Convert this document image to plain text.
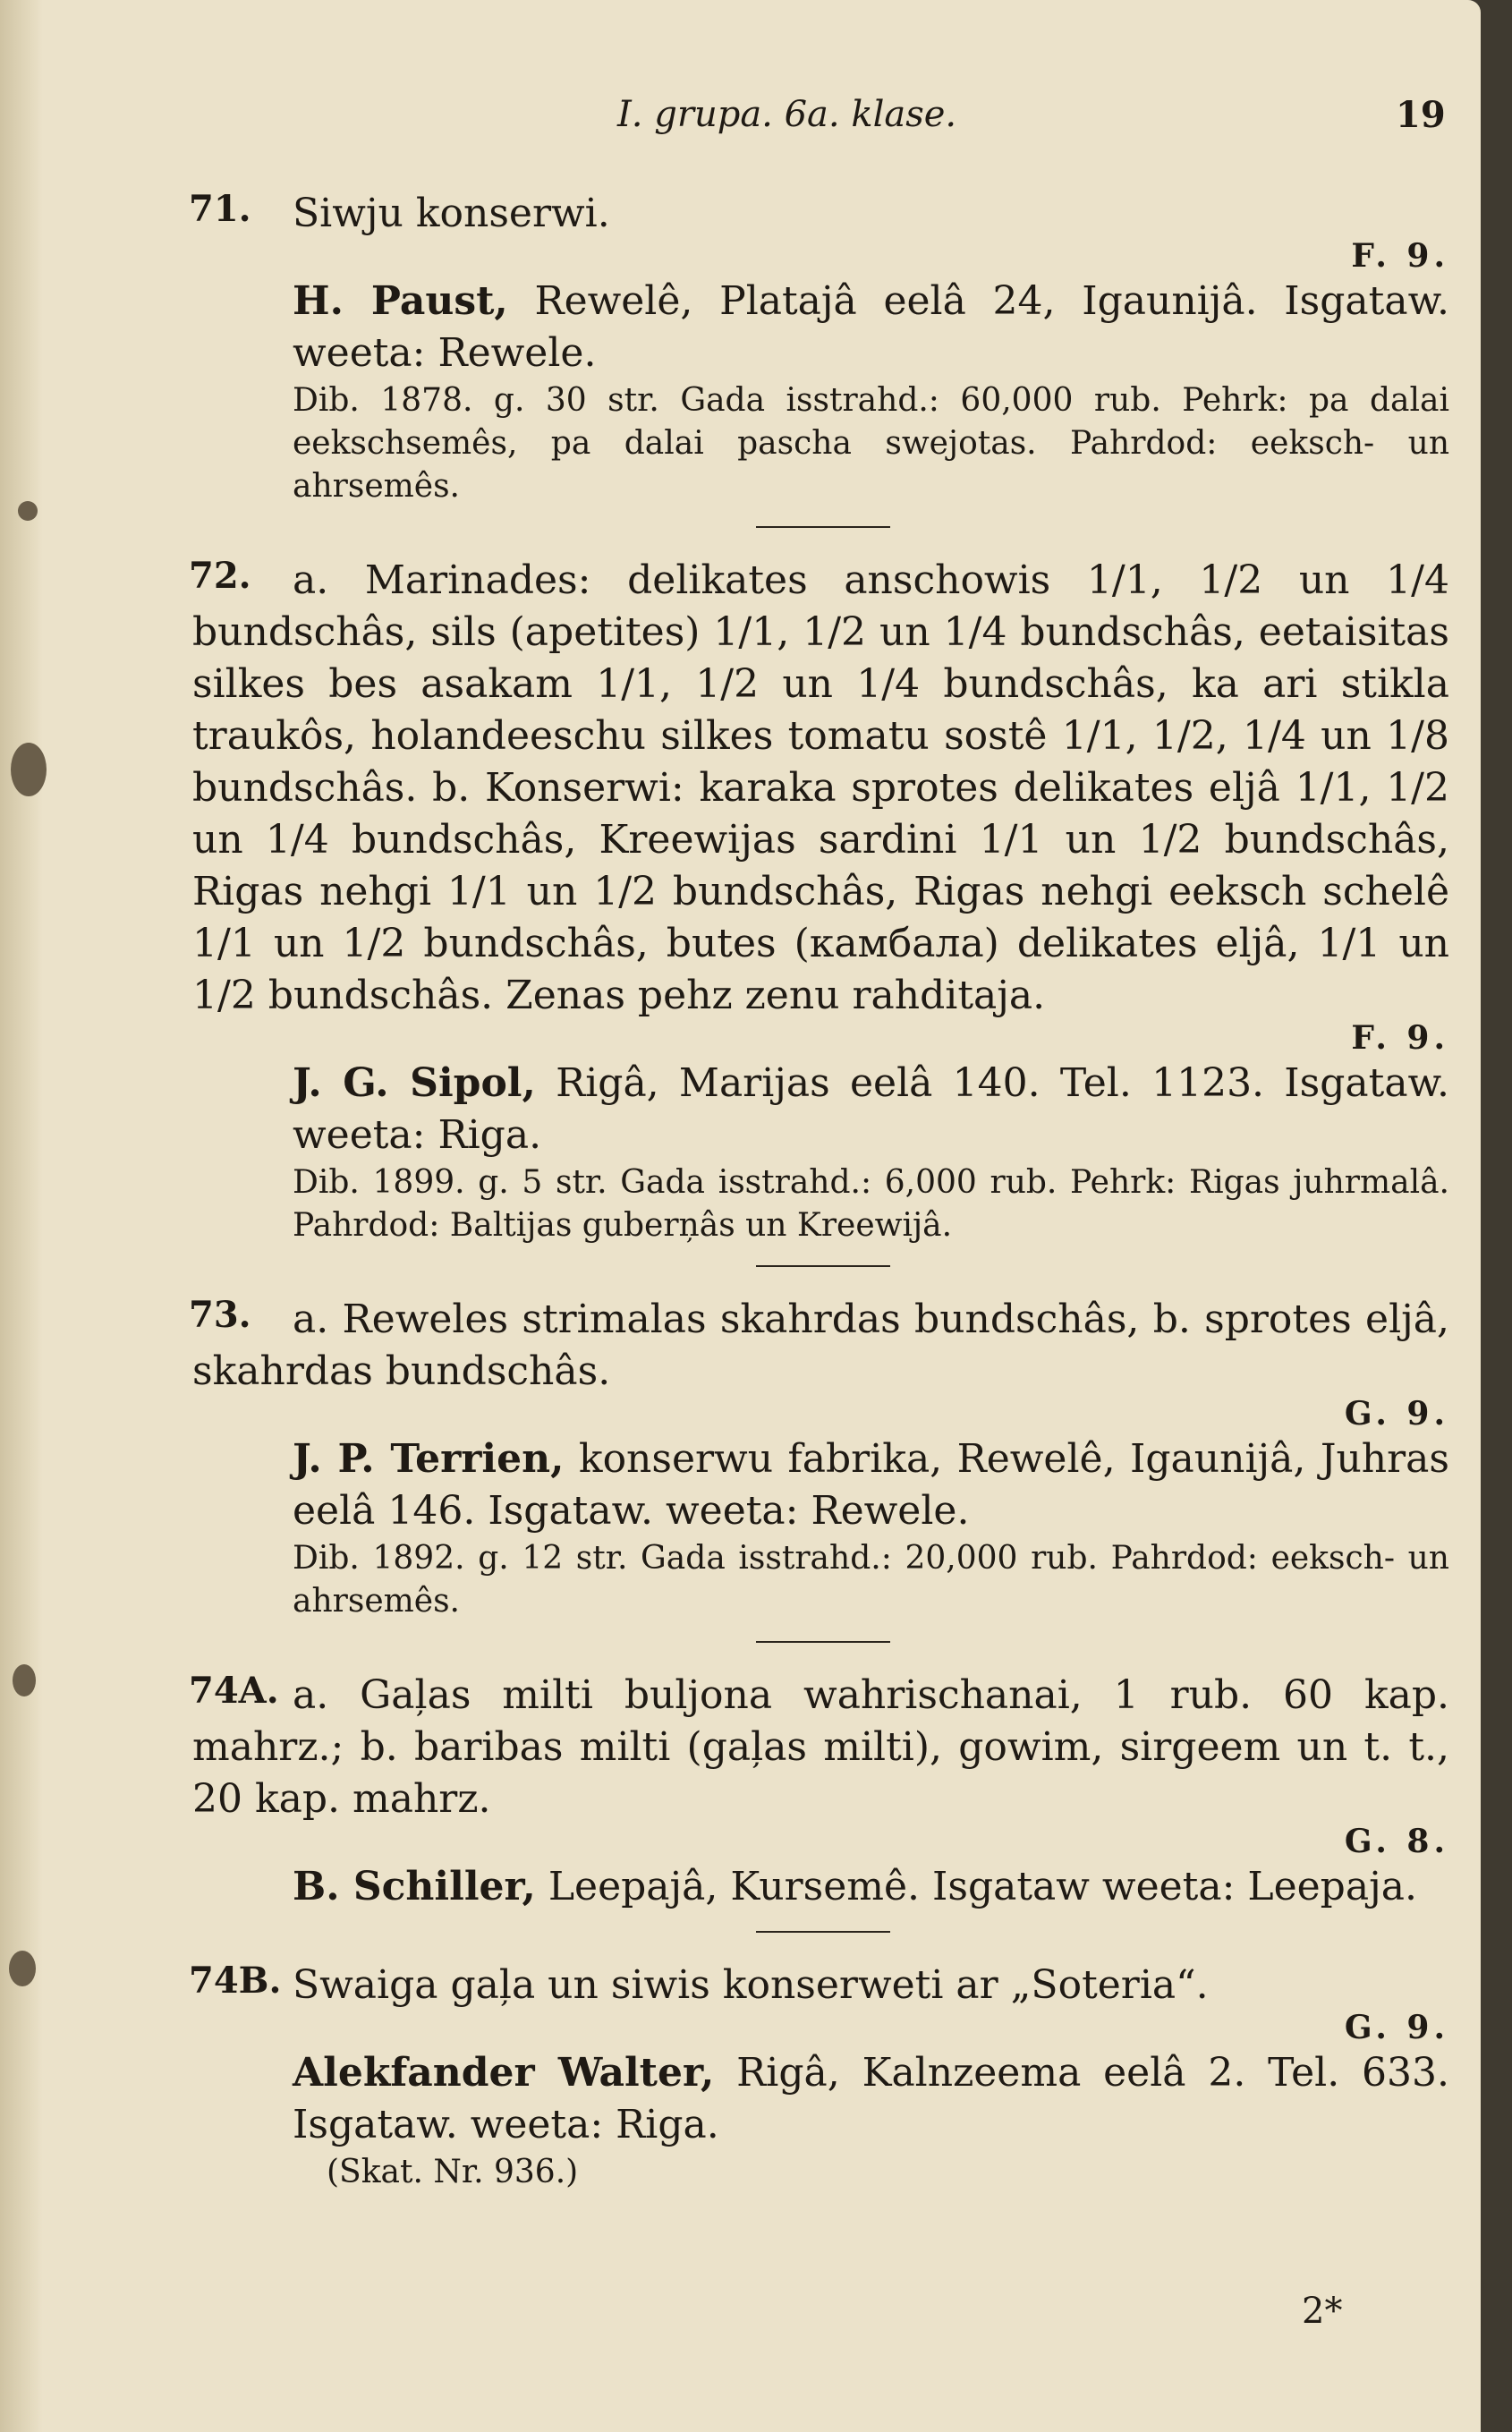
I. grupa. 6a. klase.	19
71.	Siwju konserwi.
F. 9.
H. Paust, Rewelê, Platajâ eelâ 24, Igaunijâ. Isgataw. weeta: Rewele.
Dib. 1878. g. 30 str. Gada isstrahd.: 60,000 rub. Pehrk: pa dalai eekschsemês, pa dalai pascha swejotas. Pahrdod: eeksch- un ahrsemês.
72.	a. Marinades: delikates anschowis 1/1, 1/2 un 1/4 bundschâs, sils (apetites) 1/1, 1/2 un 1/4 bundschâs, eetaisitas silkes bes asakam 1/1, 1/2 un 1/4 bundschâs, ka ari stikla traukôs, holandeeschu silkes tomatu sostê 1/1, 1/2, 1/4 un 1/8 bundschâs. b. Konserwi: karaka sprotes delikates eljâ 1/1, 1/2 un 1/4 bundschâs, Kreewijas sardini 1/1 un 1/2 bundschâs, Rigas nehgi 1/1 un 1/2 bundschâs, Rigas nehgi eeksch schelê 1/1 un 1/2 bundschâs, butes (камбала) delikates eljâ, 1/1 un 1/2 bundschâs. Zenas pehz zenu rahditaja.
F. 9.
J. G. Sipol, Rigâ, Marijas eelâ 140. Tel. 1123. Isgataw. weeta: Riga.
Dib. 1899. g. 5 str. Gada isstrahd.: 6,000 rub. Pehrk: Rigas juhrmalâ. Pahrdod: Baltijas guberņâs un Kreewijâ.
73.	a. Reweles strimalas skahrdas bundschâs, b. sprotes eljâ, skahrdas bundschâs.
G. 9.
J. P. Terrien, konserwu fabrika, Rewelê, Igaunijâ, Juhras eelâ 146. Isgataw. weeta: Rewele.
Dib. 1892. g. 12 str. Gada isstrahd.: 20,000 rub. Pahrdod: eeksch- un ahrsemês.
74A. a. Gaļas milti buljona wahrischanai, 1 rub. 60 kap. mahrz.; b. baribas milti (gaļas milti), gowim, sirgeem un t. t., 20 kap. mahrz.
G. 8.
B. Schiller, Leepajâ, Kursemê. Isgataw weeta: Leepaja.
74B. Swaiga gaļa un siwis konserweti ar „Soteria“.
G. 9.
Alekfander Walter, Rigâ, Kalnzeema eelâ 2. Tel. 633. Isgataw. weeta: Riga.
(Skat. Nr. 936.)
2*
